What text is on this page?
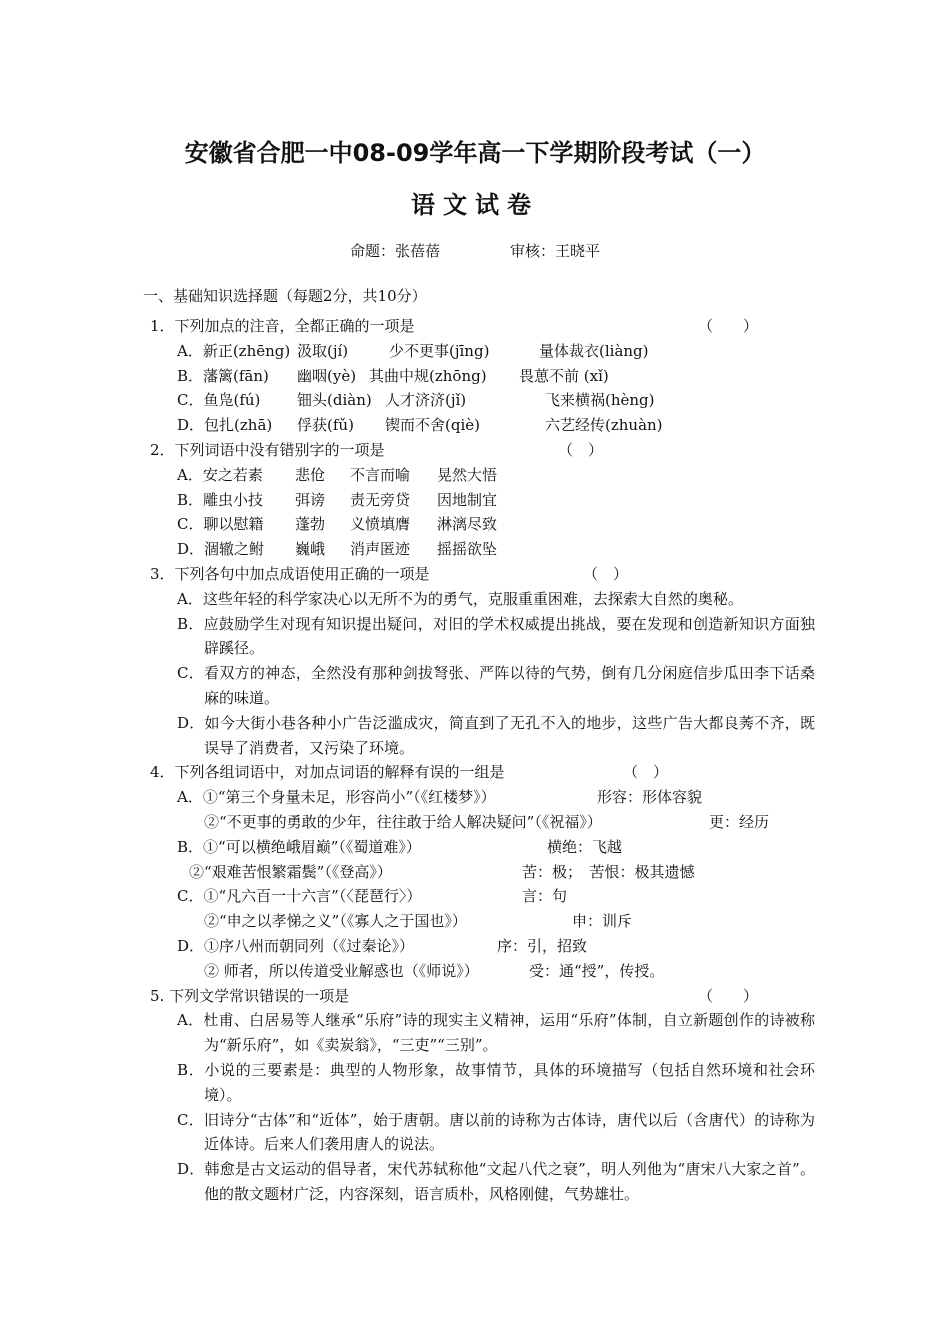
安徽省合肥一中08-09学年高一下学期阶段考试（一）
语文试卷
命题：张蓓蓓	审核：王晓平
一、基础知识选择题（每题2分，共10分）
1．下列加点的注音，全都正确的一项是	（　　）
A．新正(zhēng) 汲取(jí)	少不更事(jīng)	量体裁衣(liàng)
B．藩篱(fān) 幽咽(yè) 其曲中规(zhōng) 畏葸不前 (xǐ)
C．鱼凫(fú) 钿头(diàn) 人才济济(jǐ)	飞来横祸(hèng)
D．包扎(zhā) 俘获(fǔ) 锲而不舍(qiè)	六艺经传(zhuàn)
2．下列词语中没有错别字的一项是	（　）
A．安之若素 悲伧 不言而喻 晃然大悟
B．雕虫小技 弭谤 责无旁贷 因地制宜
C．聊以慰籍 蓬勃 义愤填膺 淋漓尽致
D．涸辙之鲋 巍峨 消声匿迹 摇摇欲坠
3．下列各句中加点成语使用正确的一项是	（　）
A．这些年轻的科学家决心以无所不为的勇气，克服重重困难，去探索大自然的奥秘。
B．应鼓励学生对现有知识提出疑问，对旧的学术权威提出挑战，要在发现和创造新知识方面独辟蹊径。
C．看双方的神态，全然没有那种剑拔弩张、严阵以待的气势，倒有几分闲庭信步瓜田李下话桑麻的味道。
D．如今大街小巷各种小广告泛滥成灾，简直到了无孔不入的地步，这些广告大都良莠不齐，既误导了消费者，又污染了环境。
4．下列各组词语中，对加点词语的解释有误的一组是	（　）
A．①“第三个身量未足，形容尚小”（《红楼梦》）	形容：形体容貌
②“不更事的勇敢的少年，往往敢于给人解决疑问”（《祝福》）	更：经历
B．①“可以横绝峨眉巅”（《蜀道难》）	横绝：飞越
②“艰难苦恨繁霜鬓”（《登高》）	苦：极；　苦恨：极其遗憾
C．①“凡六百一十六言”（〈琵琶行〉）	言：句
②“申之以孝悌之义”（《寡人之于国也》）	申：训斥
D．①序八州而朝同列（《过秦论》）	序：引，招致
② 师者，所以传道受业解惑也（《师说》）	受：通“授”，传授。
5. 下列文学常识错误的一项是	（　　）
A．杜甫、白居易等人继承“乐府”诗的现实主义精神，运用“乐府”体制，自立新题创作的诗被称为“新乐府”，如《卖炭翁》，“三吏”“三别”。
B．小说的三要素是：典型的人物形象，故事情节，具体的环境描写（包括自然环境和社会环境）。
C．旧诗分“古体”和“近体”，始于唐朝。唐以前的诗称为古体诗，唐代以后（含唐代）的诗称为近体诗。后来人们袭用唐人的说法。
D．韩愈是古文运动的倡导者，宋代苏轼称他“文起八代之衰”，明人列他为“唐宋八大家之首”。他的散文题材广泛，内容深刻，语言质朴，风格刚健，气势雄壮。
